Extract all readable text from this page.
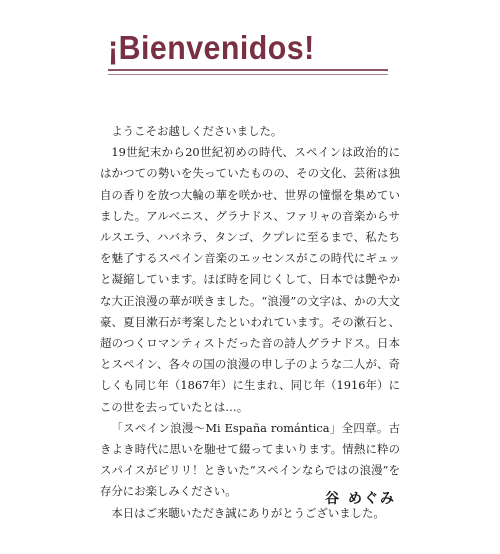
¡Bienvenidos!

ようこそお越しくださいました。

19世紀末から20世紀初めの時代、スペインは政治的にはかつての勢いを失っていたものの、その文化、芸術は独自の香りを放つ大輪の華を咲かせ、世界の憧憬を集めていました。アルベニス、グラナドス、ファリャの音楽からサルスエラ、ハバネラ、タンゴ、クプレに至るまで、私たちを魅了するスペイン音楽のエッセンスがこの時代にギュッと凝縮しています。ほぼ時を同じくして、日本では艶やかな大正浪漫の華が咲きました。“浪漫”の文字は、かの大文豪、夏目漱石が考案したといわれています。その漱石と、超のつくロマンティストだった音の詩人グラナドス。日本とスペイン、各々の国の浪漫の申し子のような二人が、奇しくも同じ年（1867年）に生まれ、同じ年（1916年）にこの世を去っていたとは…。

「スペイン浪漫〜Mi España romántica」全四章。古きよき時代に思いを馳せて綴ってまいります。情熱に粋のスパイスがピリリ！ときいた“スペインならではの浪漫”を存分にお楽しみください。

本日はご来聴いただき誠にありがとうございました。

谷 めぐみ
